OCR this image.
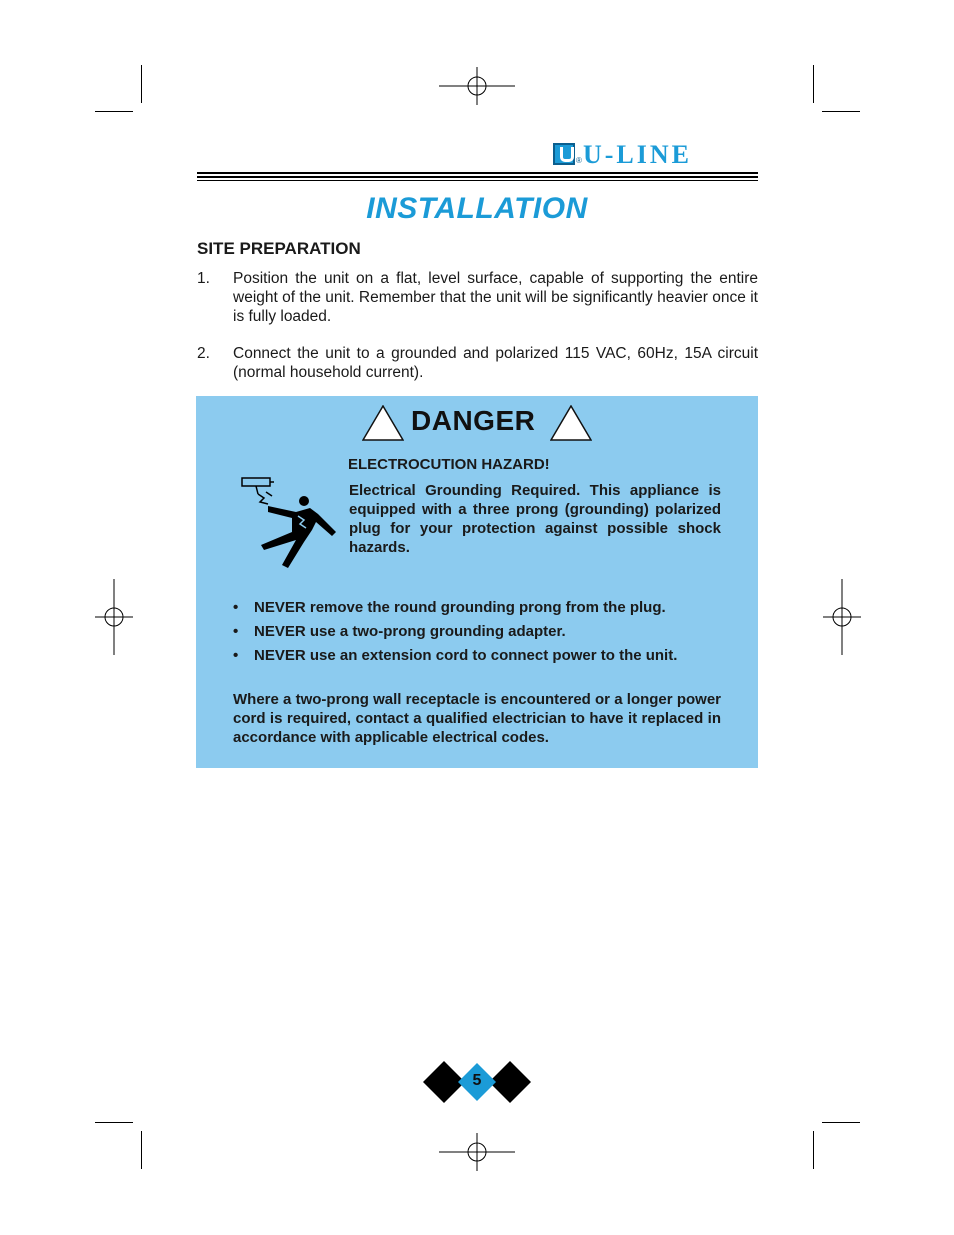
® U-LINE
INSTALLATION
SITE PREPARATION
1. Position the unit on a flat, level surface, capable of supporting the entire weight of the unit. Remember that the unit will be significantly heavier once it is fully loaded.
2. Connect the unit to a grounded and polarized 115 VAC, 60Hz, 15A circuit (normal household current).
DANGER
ELECTROCUTION HAZARD!
Electrical Grounding Required. This appliance is equipped with a three prong (grounding) polarized plug for your protection against possible shock hazards.
• NEVER remove the round grounding prong from the plug.
• NEVER use a two-prong grounding adapter.
• NEVER use an extension cord to connect power to the unit.
Where a two-prong wall receptacle is encountered or a longer power cord is required, contact a qualified electrician to have it replaced in accordance with applicable electrical codes.
5
